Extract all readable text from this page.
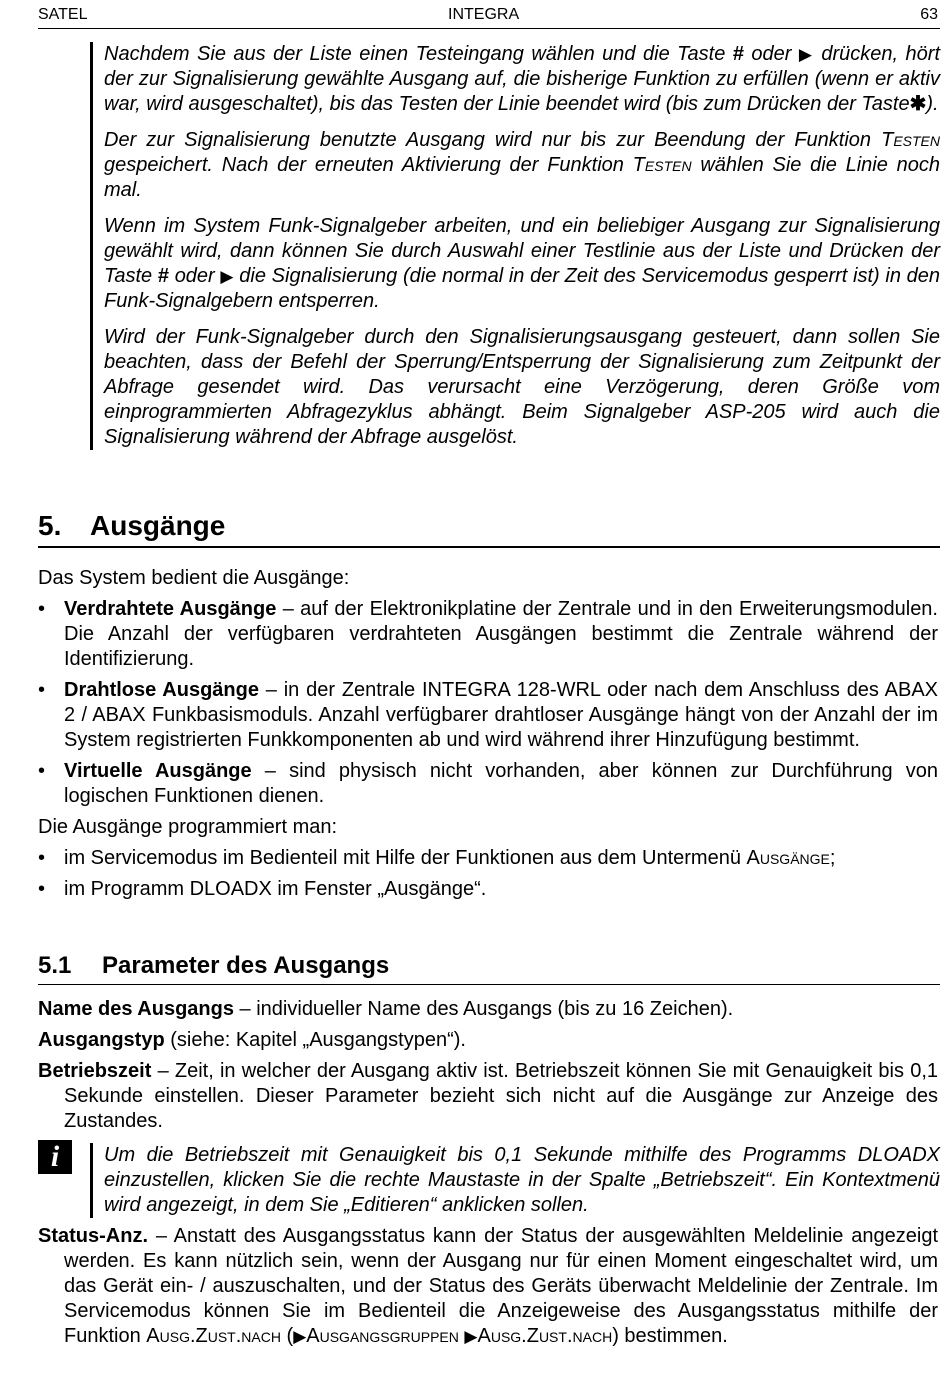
SATEL	INTEGRA	63

Nachdem Sie aus der Liste einen Testeingang wählen und die Taste # oder ▶ drücken, hört der zur Signalisierung gewählte Ausgang auf, die bisherige Funktion zu erfüllen (wenn er aktiv war, wird ausgeschaltet), bis das Testen der Linie beendet wird (bis zum Drücken der Taste✱).

Der zur Signalisierung benutzte Ausgang wird nur bis zur Beendung der Funktion Testen gespeichert. Nach der erneuten Aktivierung der Funktion Testen wählen Sie die Linie noch mal.

Wenn im System Funk-Signalgeber arbeiten, und ein beliebiger Ausgang zur Signalisierung gewählt wird, dann können Sie durch Auswahl einer Testlinie aus der Liste und Drücken der Taste # oder ▶ die Signalisierung (die normal in der Zeit des Servicemodus gesperrt ist) in den Funk-Signalgebern entsperren.

Wird der Funk-Signalgeber durch den Signalisierungsausgang gesteuert, dann sollen Sie beachten, dass der Befehl der Sperrung/Entsperrung der Signalisierung zum Zeitpunkt der Abfrage gesendet wird. Das verursacht eine Verzögerung, deren Größe vom einprogrammierten Abfragezyklus abhängt. Beim Signalgeber ASP-205 wird auch die Signalisierung während der Abfrage ausgelöst.

5. Ausgänge

Das System bedient die Ausgänge:

• Verdrahtete Ausgänge – auf der Elektronikplatine der Zentrale und in den Erweiterungsmodulen. Die Anzahl der verfügbaren verdrahteten Ausgängen bestimmt die Zentrale während der Identifizierung.
• Drahtlose Ausgänge – in der Zentrale INTEGRA 128-WRL oder nach dem Anschluss des ABAX 2 / ABAX Funkbasismoduls. Anzahl verfügbarer drahtloser Ausgänge hängt von der Anzahl der im System registrierten Funkkomponenten ab und wird während ihrer Hinzufügung bestimmt.
• Virtuelle Ausgänge – sind physisch nicht vorhanden, aber können zur Durchführung von logischen Funktionen dienen.

Die Ausgänge programmiert man:

• im Servicemodus im Bedienteil mit Hilfe der Funktionen aus dem Untermenü Ausgänge;
• im Programm DLOADX im Fenster „Ausgänge“.
5.1 Parameter des Ausgangs

Name des Ausgangs – individueller Name des Ausgangs (bis zu 16 Zeichen).

Ausgangstyp (siehe: Kapitel „Ausgangstypen“).

Betriebszeit – Zeit, in welcher der Ausgang aktiv ist. Betriebszeit können Sie mit Genauigkeit bis 0,1 Sekunde einstellen. Dieser Parameter bezieht sich nicht auf die Ausgänge zur Anzeige des Zustandes.

i	Um die Betriebszeit mit Genauigkeit bis 0,1 Sekunde mithilfe des Programms DLOADX einzustellen, klicken Sie die rechte Maustaste in der Spalte „Betriebszeit“. Ein Kontextmenü wird angezeigt, in dem Sie „Editieren“ anklicken sollen.

Status-Anz. – Anstatt des Ausgangsstatus kann der Status der ausgewählten Meldelinie angezeigt werden. Es kann nützlich sein, wenn der Ausgang nur für einen Moment eingeschaltet wird, um das Gerät ein- / auszuschalten, und der Status des Geräts überwacht Meldelinie der Zentrale. Im Servicemodus können Sie im Bedienteil die Anzeigeweise des Ausgangsstatus mithilfe der Funktion Ausg.Zust.nach (▶Ausgangsgruppen ▶Ausg.Zust.nach) bestimmen.
